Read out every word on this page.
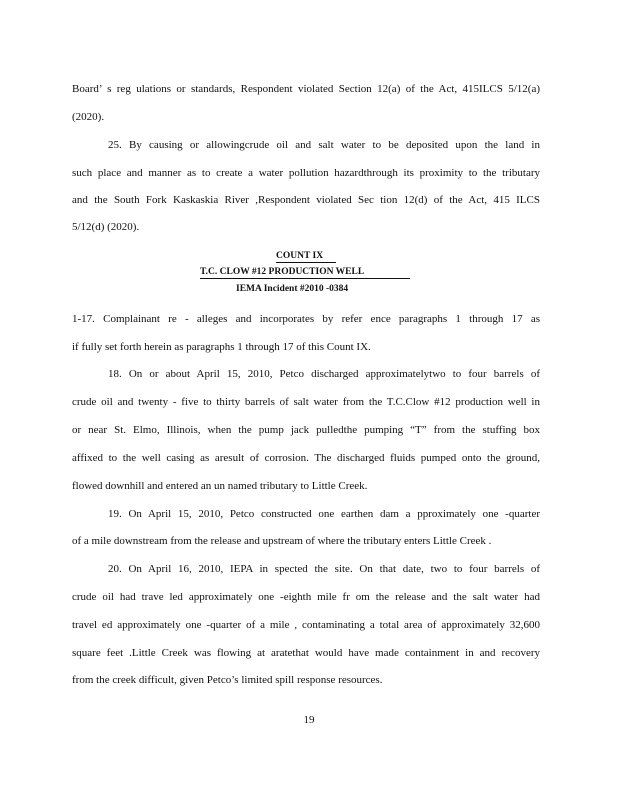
Board’ s reg ulations or standards, Respondent violated Section 12(a) of the Act, 415ILCS 5/12(a)
(2020).
25. By causing or allowingcrude oil and salt water to be deposited upon the land in
such place and manner as to create a water pollution hazardthrough its proximity to the tributary
and the South Fork Kaskaskia River ,Respondent violated Sec tion 12(d) of the Act, 415 ILCS
5/12(d) (2020).
COUNT IX
T.C. CLOW #12 PRODUCTION WELL
IEMA Incident #2010 -0384
1-17. Complainant re - alleges and incorporates by refer ence paragraphs 1 through 17 as
if fully set forth herein as paragraphs 1 through 17 of this Count IX.
18. On or about April 15, 2010, Petco discharged approximatelytwo to four barrels of
crude oil and twenty - five to thirty barrels of salt water from the T.C.Clow #12 production well in
or near St. Elmo, Illinois, when the pump jack pulledthe pumping “T” from the stuffing box
affixed to the well casing as aresult of corrosion. The discharged fluids pumped onto the ground,
flowed downhill and entered an un named tributary to Little Creek.
19. On April 15, 2010, Petco constructed one earthen dam a pproximately one -quarter
of a mile downstream from the release and upstream of where the tributary enters Little Creek .
20. On April 16, 2010, IEPA in spected the site. On that date, two to four barrels of
crude oil had trave led approximately one -eighth mile fr om the release and the salt water had
travel ed approximately one -quarter of a mile , contaminating a total area of approximately 32,600
square feet .Little Creek was flowing at aratethat would have made containment in and recovery
from the creek difficult, given Petco’s limited spill response resources.
19
